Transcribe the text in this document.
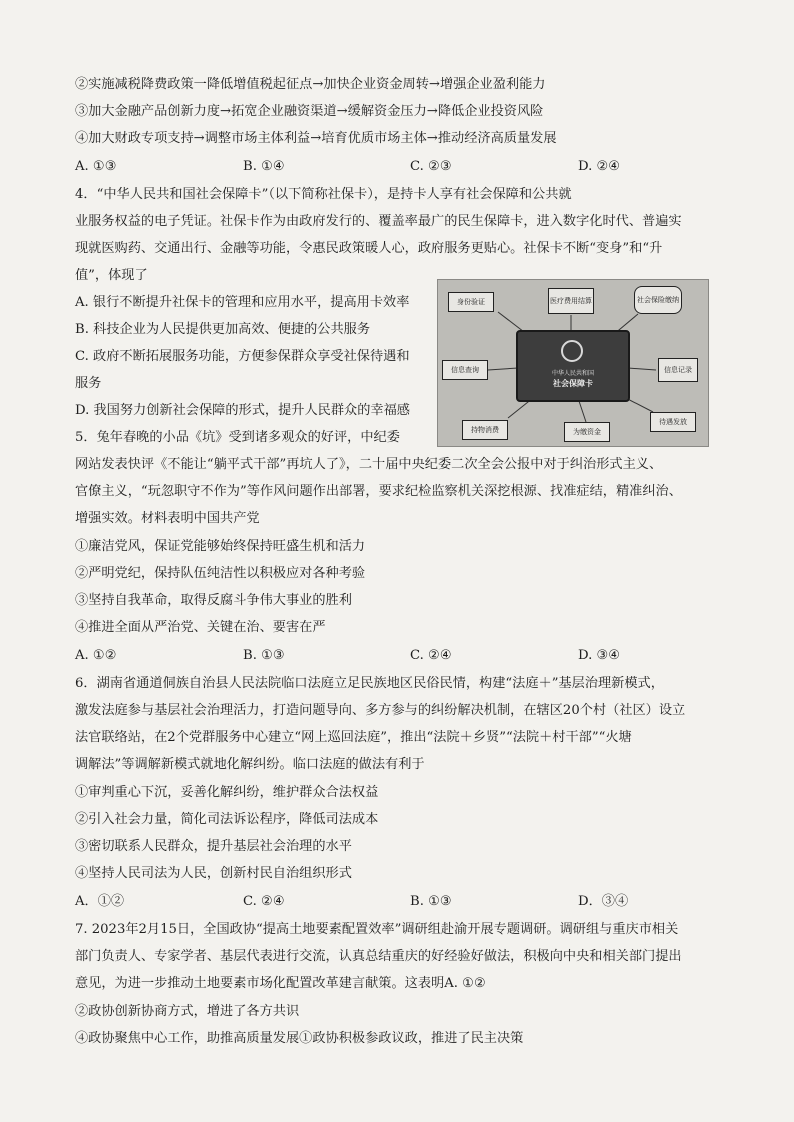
②实施减税降费政策一降低增值税起征点→加快企业资金周转→增强企业盈利能力
③加大金融产品创新力度→拓宽企业融资渠道→缓解资金压力→降低企业投资风险
④加大财政专项支持→调整市场主体利益→培育优质市场主体→推动经济高质量发展
A. ①③	B. ①④	C. ②③	D. ②④
4．“中华人民共和国社会保障卡”（以下简称社保卡），是持卡人享有社会保障和公共就
业服务权益的电子凭证。社保卡作为由政府发行的、覆盖率最广的民生保障卡，进入数字化时代、普遍实
现就医购药、交通出行、金融等功能，令惠民政策暖人心，政府服务更贴心。社保卡不断“变身”和“升
值”，体现了
A. 银行不断提升社保卡的管理和应用水平，提高用卡效率
B. 科技企业为人民提供更加高效、便捷的公共服务
C. 政府不断拓展服务功能，方便参保群众享受社保待遇和
服务
D. 我国努力创新社会保障的形式，提升人民群众的幸福感
身份验证	医疗费用结算	社会保险缴纳
信息查询	信息记录
待遇发放
持物消费	为缴资金
中华人民共和国
社会保障卡
5．兔年春晚的小品《坑》受到诸多观众的好评，中纪委
网站发表快评《不能让“躺平式干部”再坑人了》，二十届中央纪委二次全会公报中对于纠治形式主义、
官僚主义，“玩忽职守不作为”等作风问题作出部署，要求纪检监察机关深挖根源、找准症结，精准纠治、
增强实效。材料表明中国共产党
①廉洁党风，保证党能够始终保持旺盛生机和活力
②严明党纪，保持队伍纯洁性以积极应对各种考验
③坚持自我革命，取得反腐斗争伟大事业的胜利
④推进全面从严治党、关键在治、要害在严
A. ①②	B. ①③	C. ②④	D. ③④
6．湖南省通道侗族自治县人民法院临口法庭立足民族地区民俗民情，构建“法庭＋”基层治理新模式，
激发法庭参与基层社会治理活力，打造问题导向、多方参与的纠纷解决机制，在辖区20个村（社区）设立
法官联络站，在2个党群服务中心建立“网上巡回法庭”，推出“法院＋乡贤”“法院＋村干部”“火塘
调解法”等调解新模式就地化解纠纷。临口法庭的做法有利于
①审判重心下沉，妥善化解纠纷，维护群众合法权益
②引入社会力量，简化司法诉讼程序，降低司法成本
③密切联系人民群众，提升基层社会治理的水平
④坚持人民司法为人民，创新村民自治组织形式
A．①②	C. ②④	B. ①③	D．③④
7. 2023年2月15日，全国政协“提高土地要素配置效率”调研组赴渝开展专题调研。调研组与重庆市相关
部门负责人、专家学者、基层代表进行交流，认真总结重庆的好经验好做法，积极向中央和相关部门提出
意见，为进一步推动土地要素市场化配置改革建言献策。这表明A. ①②
②政协创新协商方式，增进了各方共识
④政协聚焦中心工作，助推高质量发展①政协积极参政议政，推进了民主决策
